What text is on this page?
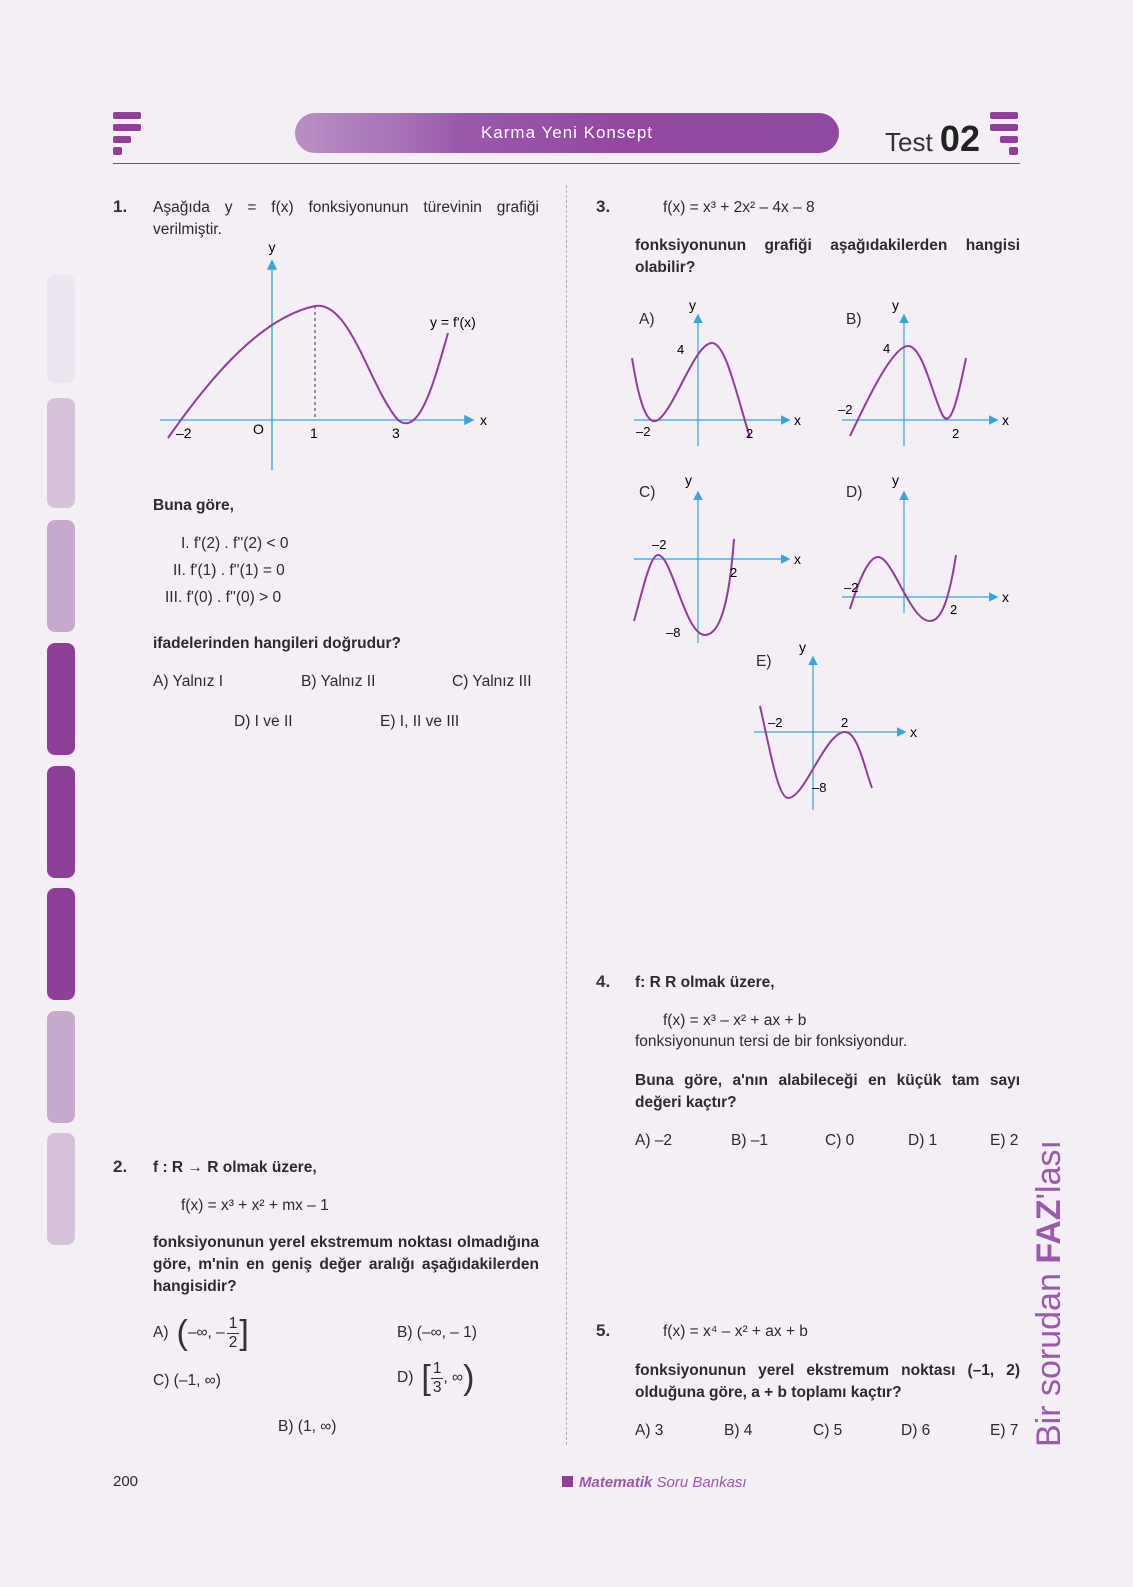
Karma Yeni Konsept	Test 02
1. Aşağıda y = f(x) fonksiyonunun türevinin grafiği verilmiştir.
y
x
y = f'(x)
–2	O	1	3
Buna göre,
I. f'(2) . f''(2) < 0
II. f'(1) . f''(1) = 0
III. f'(0) . f''(0) > 0
ifadelerinden hangileri doğrudur?
A) Yalnız I	B) Yalnız II	C) Yalnız III
D) I ve II	E) I, II ve III
2. f : R → R olmak üzere,
f(x) = x³ + x² + mx – 1
fonksiyonunun yerel ekstremum noktası olmadığına göre, m'nin en geniş değer aralığı aşağıdakilerden hangisidir?
A) ( –∞, –
1
2 ]	B) (–∞, – 1)
C) (–1, ∞)	D) [ 1
3
, ∞ )
B) (1, ∞)
3.	f(x) = x³ + 2x² – 4x – 8
fonksiyonunun grafiği aşağıdakilerden hangisi olabilir?
A)
y
x
4
–2	2
B)
y
x
4
–2
2
C)
y
x
–2
2
–8
D)
y
x
–2
2
E)
y
x
–2	2
–8
4. f: R R olmak üzere,
f(x) = x³ – x² + ax + b
fonksiyonunun tersi de bir fonksiyondur.
Buna göre, a'nın alabileceği en küçük tam sayı değeri kaçtır?
A) –2	B) –1	C) 0	D) 1	E) 2
5.	f(x) = x⁴ – x² + ax + b
fonksiyonunun yerel ekstremum noktası (–1, 2) olduğuna göre, a + b toplamı kaçtır?
A) 3	B) 4	C) 5	D) 6	E) 7 Bir sorudan FAZ'lası
200	Matematik Soru Bankası
